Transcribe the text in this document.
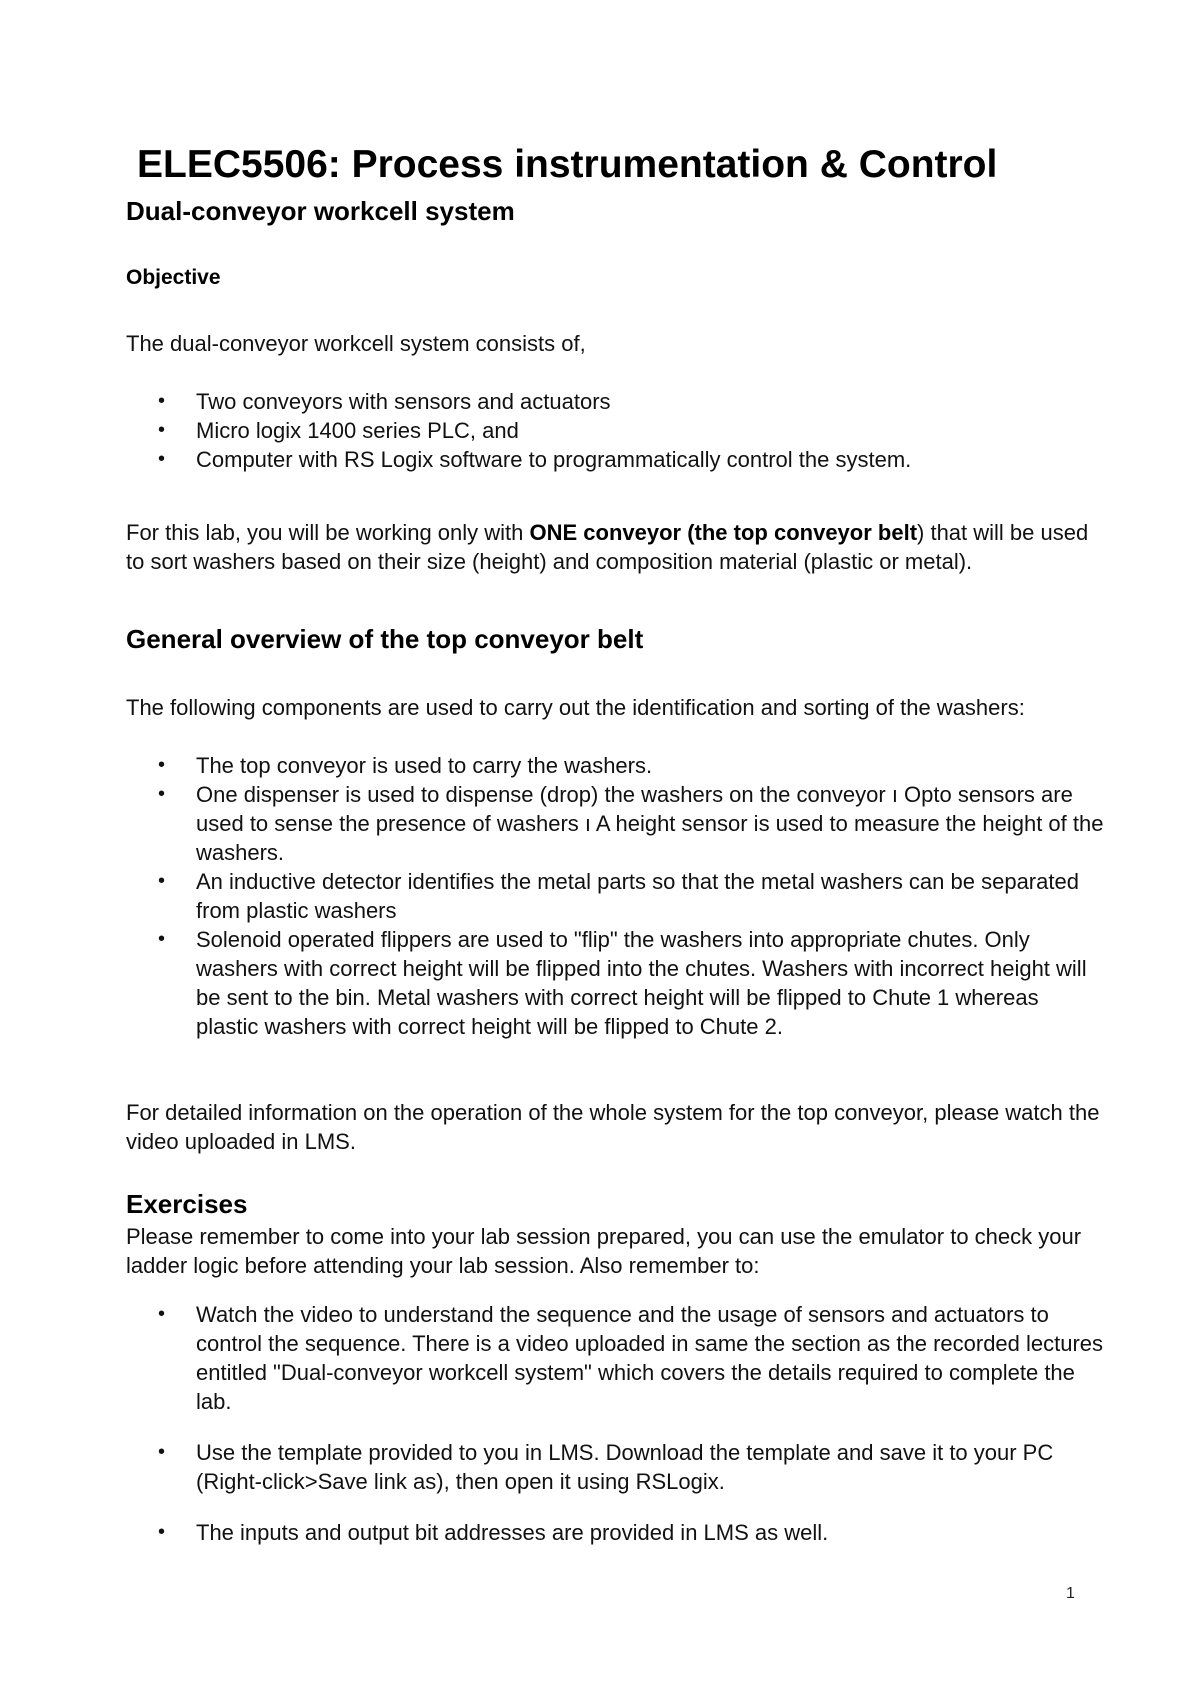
ELEC5506: Process instrumentation & Control
Dual-conveyor workcell system
Objective

The dual-conveyor workcell system consists of,

• Two conveyors with sensors and actuators
• Micro logix 1400 series PLC, and
• Computer with RS Logix software to programmatically control the system.

For this lab, you will be working only with ONE conveyor (the top conveyor belt) that will be used to sort washers based on their size (height) and composition material (plastic or metal).

General overview of the top conveyor belt

The following components are used to carry out the identification and sorting of the washers:

• The top conveyor is used to carry the washers.
• One dispenser is used to dispense (drop) the washers on the conveyor ı Opto sensors are used to sense the presence of washers ı A height sensor is used to measure the height of the washers.
• An inductive detector identifies the metal parts so that the metal washers can be separated from plastic washers
• Solenoid operated flippers are used to "flip" the washers into appropriate chutes. Only washers with correct height will be flipped into the chutes. Washers with incorrect height will be sent to the bin. Metal washers with correct height will be flipped to Chute 1 whereas plastic washers with correct height will be flipped to Chute 2.

For detailed information on the operation of the whole system for the top conveyor, please watch the video uploaded in LMS.

Exercises

Please remember to come into your lab session prepared, you can use the emulator to check your ladder logic before attending your lab session. Also remember to:

• Watch the video to understand the sequence and the usage of sensors and actuators to control the sequence. There is a video uploaded in same the section as the recorded lectures entitled "Dual-conveyor workcell system" which covers the details required to complete the lab.
• Use the template provided to you in LMS. Download the template and save it to your PC (Right-click>Save link as), then open it using RSLogix.
• The inputs and output bit addresses are provided in LMS as well.
1
